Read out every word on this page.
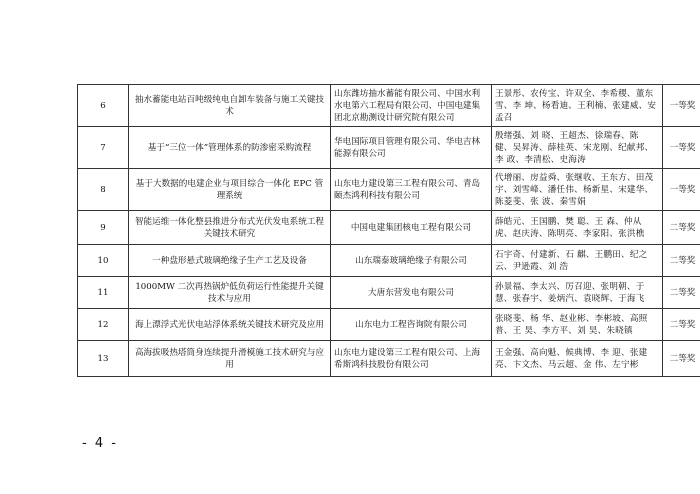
6	抽水蓄能电站百吨级纯电自卸车装备与施工关键技术	山东潍坊抽水蓄能有限公司、中国水利水电第六工程局有限公司、中国电建集团北京勘测设计研究院有限公司	王景彤、农传宝、许双全、李希稷、董东雪、李 坤、杨看迪、王利楠、张建威、安孟召	一等奖
7	基于“三位一体”管理体系的防渗密采购流程	华电国际项目管理有限公司、华电吉林能源有限公司	殷绪强、刘 晓、王超杰、徐瑞春、陈 健、吴昇涛、薛桂英、宋龙刚、纪献邦、李 政、李清松、史海涛	一等奖
8	基于大数据的电建企业与项目综合一体化 EPC 管理系统	山东电力建设第三工程有限公司、青岛颐杰鸿利科技有限公司	代增丽、房益舜、张继收、王东方、田茂宇、刘雪峰、潘任伟、杨新星、宋建华、陈菱斐、张 波、秦雪娟	一等奖
9	智能运维一体化整县推进分布式光伏发电系统工程关键技术研究	中国电建集团核电工程有限公司	薛皓元、王国鹏、樊 聪、王 森、仲从虎、赵庆涛、陈明亮、李家阳、张洪樵	二等奖
10	一种盘形悬式玻璃绝缘子生产工艺及设备	山东瑞泰玻璃绝缘子有限公司	石宇奇、付建新、石 麒、王鹏田、纪之云、尹逊霞、刘 浩	二等奖
11	1000MW 二次再热锅炉低负荷运行性能提升关键技术与应用	大唐东营发电有限公司	孙景福、李太兴、厉召迎、张明朝、于 慧、张春宇、姜炳汽、袁晓辉、于海飞	二等奖
12	海上漂浮式光伏电站浮体系统关键技术研究及应用	山东电力工程咨询院有限公司	张晓斐、杨 华、赵业彬、李彬坡、高照普、王 昊、李方平、刘 昊、朱晓镇	二等奖
13	高海拔吸热塔筒身连续提升滑模施工技术研究与应用	山东电力建设第三工程有限公司、上海希斯鸿科技股份有限公司	王金强、高向魁、候典博、李 迎、张建亮、卞文杰、马云超、金 伟、左宁彬	二等奖
- 4 -
